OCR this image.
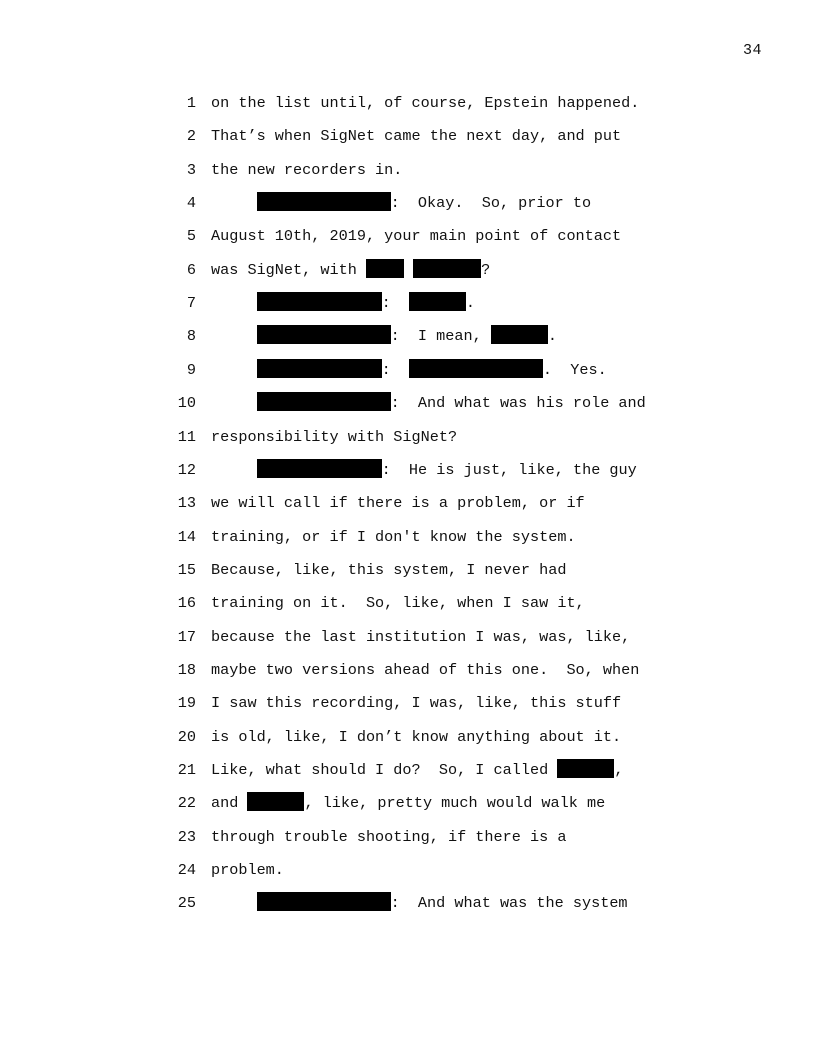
34
1 on the list until, of course, Epstein happened.
2 That’s when SigNet came the next day, and put
3 the new recorders in.
4	:  Okay.  So, prior to
5 August 10th, 2019, your main point of contact
6 was SigNet, with	?
7	:	.
8	:  I mean,	.
9	:	.  Yes.
10	:  And what was his role and
11 responsibility with SigNet?
12	:  He is just, like, the guy
13 we will call if there is a problem, or if
14 training, or if I don't know the system.
15 Because, like, this system, I never had
16 training on it.  So, like, when I saw it,
17 because the last institution I was, was, like,
18 maybe two versions ahead of this one.  So, when
19 I saw this recording, I was, like, this stuff
20 is old, like, I don’t know anything about it.
21 Like, what should I do?  So, I called	,
22 and	, like, pretty much would walk me
23 through trouble shooting, if there is a
24 problem.
25	:  And what was the system
